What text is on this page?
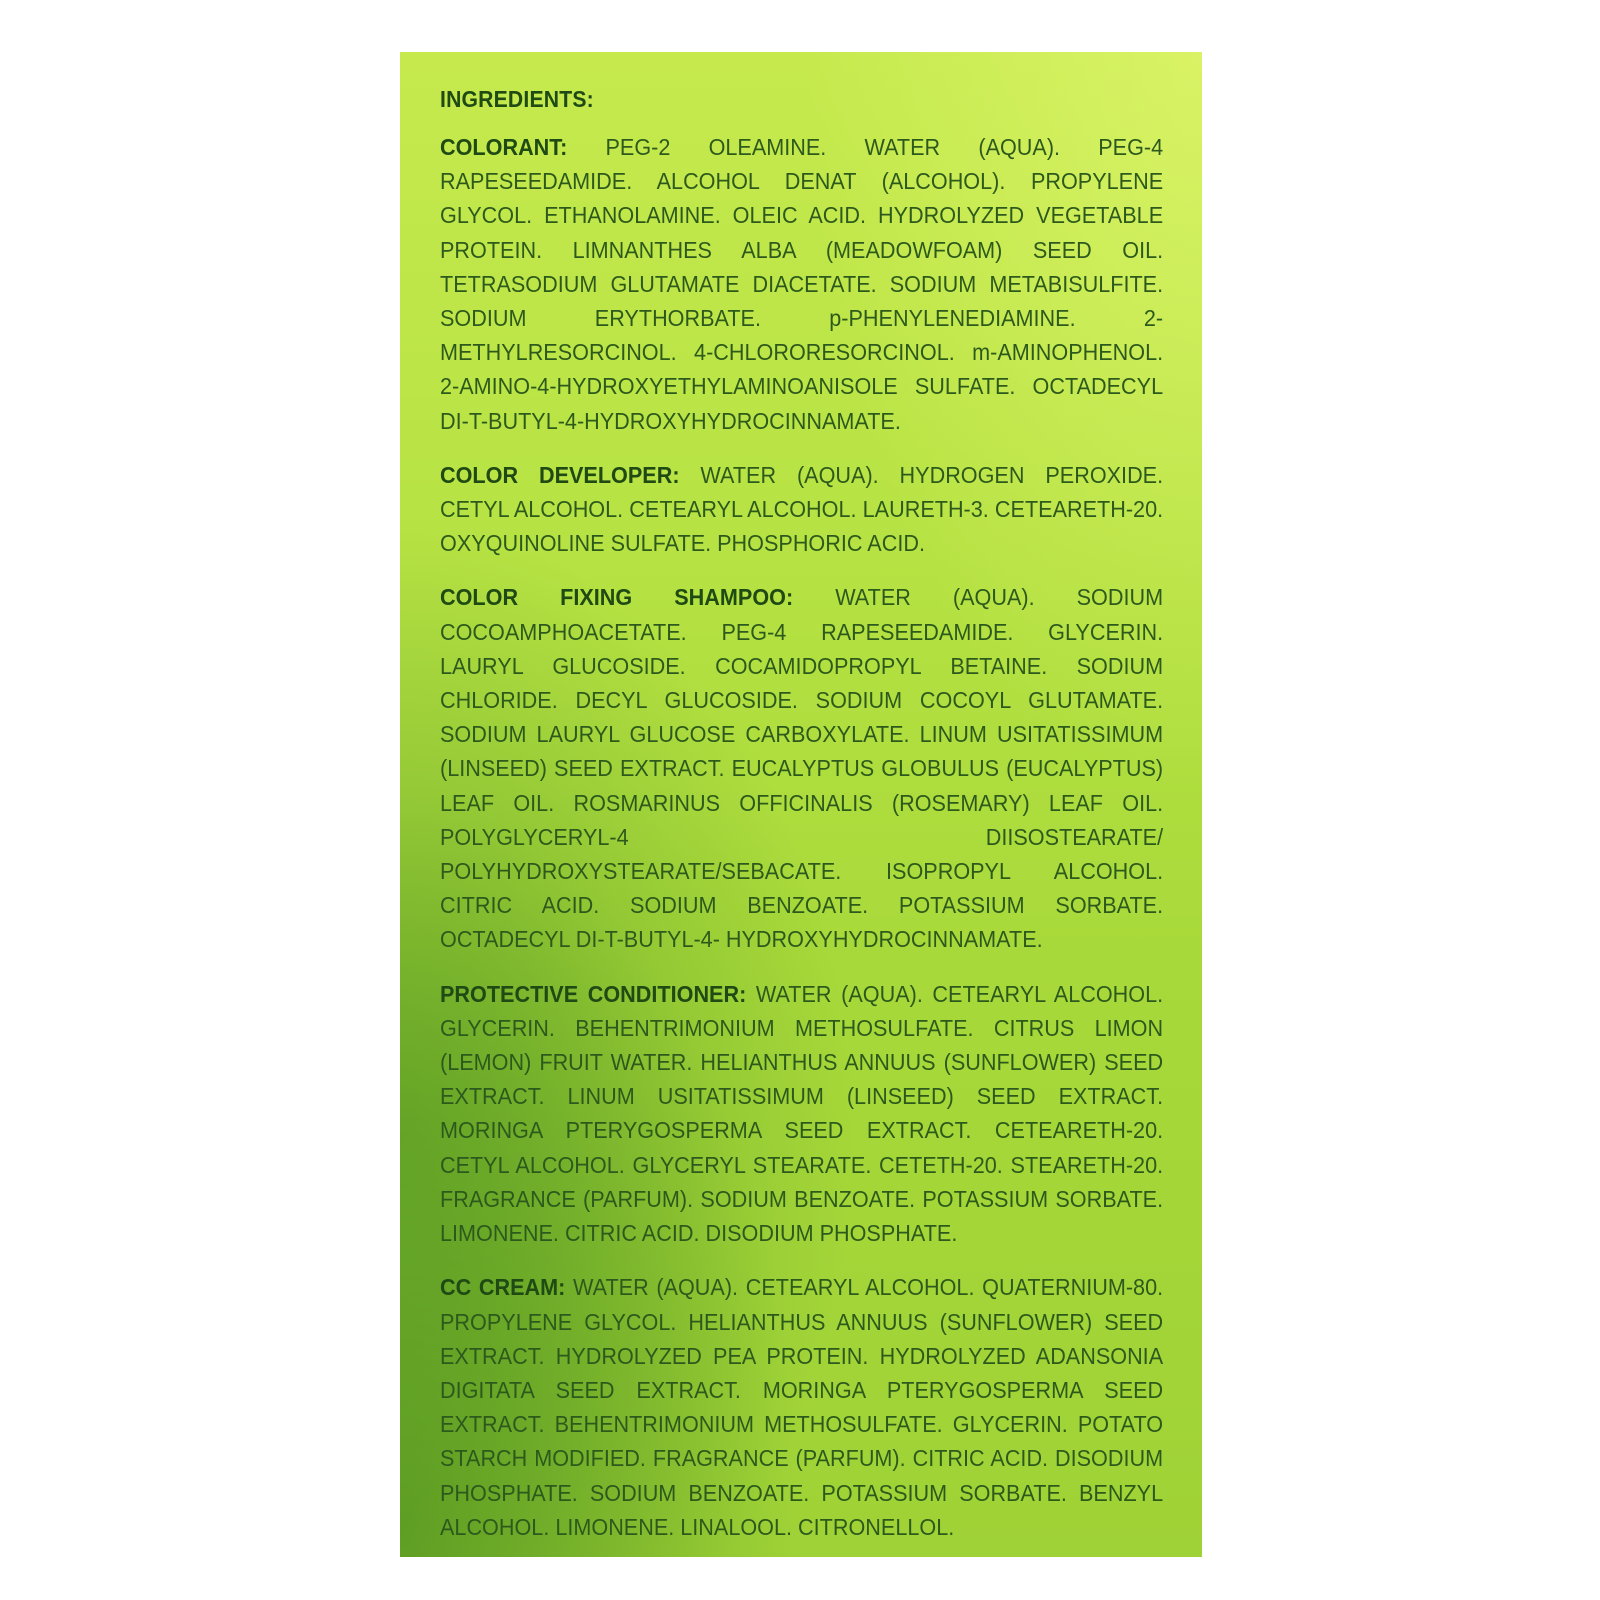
INGREDIENTS:
COLORANT: PEG-2 OLEAMINE. WATER (AQUA). PEG-4 RAPESEEDAMIDE. ALCOHOL DENAT (ALCOHOL). PROPYLENE GLYCOL. ETHANOLAMINE. OLEIC ACID. HYDROLYZED VEGETABLE PROTEIN. LIMNANTHES ALBA (MEADOWFOAM) SEED OIL. TETRASODIUM GLUTAMATE DIACETATE. SODIUM METABISULFITE. SODIUM ERYTHORBATE. p-PHENYLENEDIAMINE. 2-METHYLRESORCINOL. 4-CHLORORESORCINOL. m-AMINOPHENOL. 2-AMINO-4-HYDROXYETHYLAMINOANISOLE SULFATE. OCTADECYL DI-T-BUTYL-4-HYDROXYHYDROCINNAMATE.
COLOR DEVELOPER: WATER (AQUA). HYDROGEN PEROXIDE. CETYL ALCOHOL. CETEARYL ALCOHOL. LAURETH-3. CETEARETH-20. OXYQUINOLINE SULFATE. PHOSPHORIC ACID.
COLOR FIXING SHAMPOO: WATER (AQUA). SODIUM COCOAMPHOACETATE. PEG-4 RAPESEEDAMIDE. GLYCERIN. LAURYL GLUCOSIDE. COCAMIDOPROPYL BETAINE. SODIUM CHLORIDE. DECYL GLUCOSIDE. SODIUM COCOYL GLUTAMATE. SODIUM LAURYL GLUCOSE CARBOXYLATE. LINUM USITATISSIMUM (LINSEED) SEED EXTRACT. EUCALYPTUS GLOBULUS (EUCALYPTUS) LEAF OIL. ROSMARINUS OFFICINALIS (ROSEMARY) LEAF OIL. POLYGLYCERYL-4 DIISOSTEARATE/ POLYHYDROXYSTEARATE/SEBACATE. ISOPROPYL ALCOHOL. CITRIC ACID. SODIUM BENZOATE. POTASSIUM SORBATE. OCTADECYL DI-T-BUTYL-4- HYDROXYHYDROCINNAMATE.
PROTECTIVE CONDITIONER: WATER (AQUA). CETEARYL ALCOHOL. GLYCERIN. BEHENTRIMONIUM METHOSULFATE. CITRUS LIMON (LEMON) FRUIT WATER. HELIANTHUS ANNUUS (SUNFLOWER) SEED EXTRACT. LINUM USITATISSIMUM (LINSEED) SEED EXTRACT. MORINGA PTERYGOSPERMA SEED EXTRACT. CETEARETH-20. CETYL ALCOHOL. GLYCERYL STEARATE. CETETH-20. STEARETH-20. FRAGRANCE (PARFUM). SODIUM BENZOATE. POTASSIUM SORBATE. LIMONENE. CITRIC ACID. DISODIUM PHOSPHATE.
CC CREAM: WATER (AQUA). CETEARYL ALCOHOL. QUATERNIUM-80. PROPYLENE GLYCOL. HELIANTHUS ANNUUS (SUNFLOWER) SEED EXTRACT. HYDROLYZED PEA PROTEIN. HYDROLYZED ADANSONIA DIGITATA SEED EXTRACT. MORINGA PTERYGOSPERMA SEED EXTRACT. BEHENTRIMONIUM METHOSULFATE. GLYCERIN. POTATO STARCH MODIFIED. FRAGRANCE (PARFUM). CITRIC ACID. DISODIUM PHOSPHATE. SODIUM BENZOATE. POTASSIUM SORBATE. BENZYL ALCOHOL. LIMONENE. LINALOOL. CITRONELLOL.
